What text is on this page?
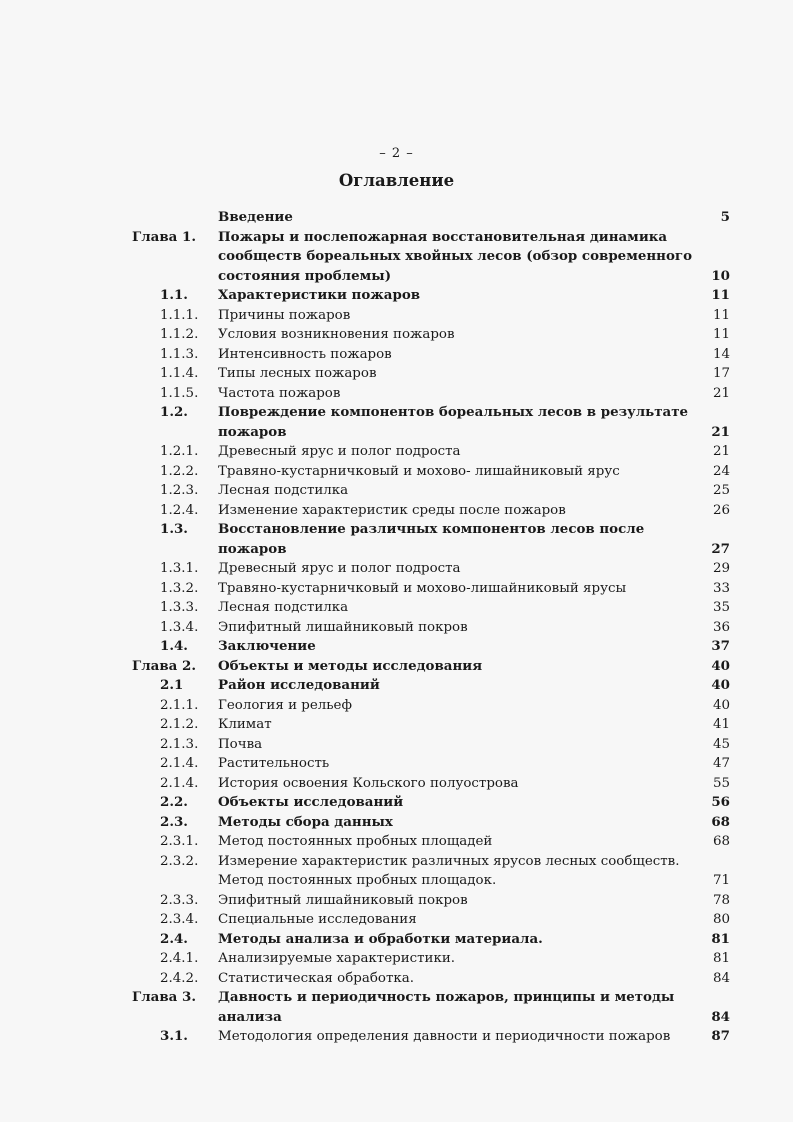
– 2 –
Оглавление
Введение	5
Глава 1. Пожары и послепожарная восстановительная динамика сообществ бореальных хвойных лесов (обзор современного состояния проблемы)	10
1.1. Характеристики пожаров	11
1.1.1. Причины пожаров	11
1.1.2. Условия возникновения пожаров	11
1.1.3. Интенсивность пожаров	14
1.1.4. Типы лесных пожаров	17
1.1.5. Частота пожаров	21
1.2. Повреждение компонентов бореальных лесов в результате пожаров	21
1.2.1. Древесный ярус и полог подроста	21
1.2.2. Травяно-кустарничковый и мохово- лишайниковый ярус	24
1.2.3. Лесная подстилка	25
1.2.4. Изменение характеристик среды после пожаров	26
1.3. Восстановление различных компонентов лесов после пожаров	27
1.3.1. Древесный ярус и полог подроста	29
1.3.2. Травяно-кустарничковый и мохово-лишайниковый ярусы	33
1.3.3. Лесная подстилка	35
1.3.4. Эпифитный лишайниковый покров	36
1.4. Заключение	37
Глава 2. Объекты и методы исследования	40
2.1	Район исследований	40
2.1.1. Геология и рельеф	40
2.1.2. Климат	41
2.1.3. Почва	45
2.1.4. Растительность	47
2.1.4. История освоения Кольского полуострова	55
2.2. Объекты исследований	56
2.3. Методы сбора данных	68
2.3.1. Метод постоянных пробных площадей	68
2.3.2. Измерение характеристик различных ярусов лесных сообществ. Метод постоянных пробных площадок.	71
2.3.3. Эпифитный лишайниковый покров	78
2.3.4. Специальные исследования	80
2.4. Методы анализа и обработки материала.	81
2.4.1. Анализируемые характеристики.	81
2.4.2. Статистическая обработка.	84
Глава 3. Давность и периодичность пожаров, принципы и методы анализа	84
3.1. Методология определения давности и периодичности пожаров	87
